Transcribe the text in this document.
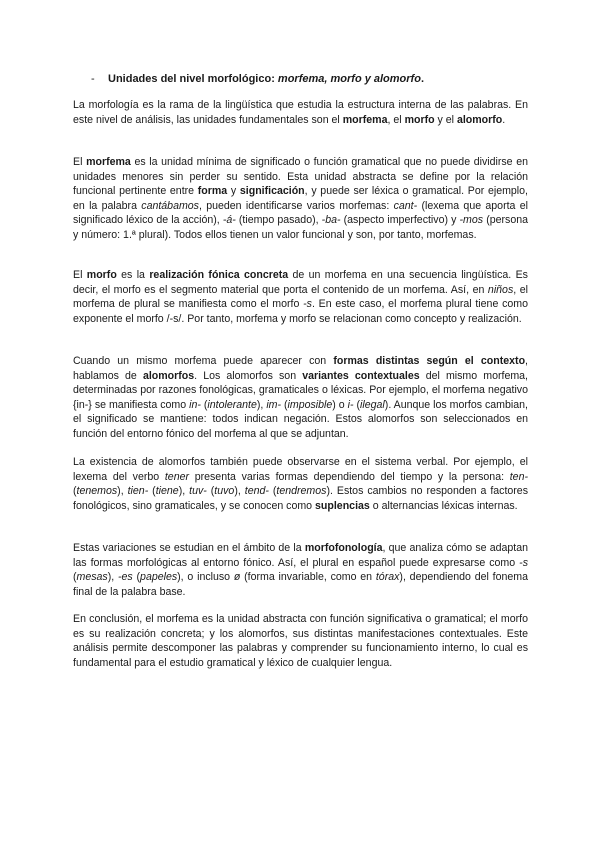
- Unidades del nivel morfológico: morfema, morfo y alomorfo.

La morfología es la rama de la lingüística que estudia la estructura interna de las palabras. En este nivel de análisis, las unidades fundamentales son el morfema, el morfo y el alomorfo.

El morfema es la unidad mínima de significado o función gramatical que no puede dividirse en unidades menores sin perder su sentido. Esta unidad abstracta se define por la relación funcional pertinente entre forma y significación, y puede ser léxica o gramatical. Por ejemplo, en la palabra cantábamos, pueden identificarse varios morfemas: cant- (lexema que aporta el significado léxico de la acción), -á- (tiempo pasado), -ba- (aspecto imperfectivo) y -mos (persona y número: 1.ª plural). Todos ellos tienen un valor funcional y son, por tanto, morfemas.

El morfo es la realización fónica concreta de un morfema en una secuencia lingüística. Es decir, el morfo es el segmento material que porta el contenido de un morfema. Así, en niños, el morfema de plural se manifiesta como el morfo -s. En este caso, el morfema plural tiene como exponente el morfo /-s/. Por tanto, morfema y morfo se relacionan como concepto y realización.

Cuando un mismo morfema puede aparecer con formas distintas según el contexto, hablamos de alomorfos. Los alomorfos son variantes contextuales del mismo morfema, determinadas por razones fonológicas, gramaticales o léxicas. Por ejemplo, el morfema negativo {in-} se manifiesta como in- (intolerante), im- (imposible) o i- (ilegal). Aunque los morfos cambian, el significado se mantiene: todos indican negación. Estos alomorfos son seleccionados en función del entorno fónico del morfema al que se adjuntan.

La existencia de alomorfos también puede observarse en el sistema verbal. Por ejemplo, el lexema del verbo tener presenta varias formas dependiendo del tiempo y la persona: ten- (tenemos), tien- (tiene), tuv- (tuvo), tend- (tendremos). Estos cambios no responden a factores fonológicos, sino gramaticales, y se conocen como suplencias o alternancias léxicas internas.

Estas variaciones se estudian en el ámbito de la morfofonología, que analiza cómo se adaptan las formas morfológicas al entorno fónico. Así, el plural en español puede expresarse como -s (mesas), -es (papeles), o incluso ø (forma invariable, como en tórax), dependiendo del fonema final de la palabra base.

En conclusión, el morfema es la unidad abstracta con función significativa o gramatical; el morfo es su realización concreta; y los alomorfos, sus distintas manifestaciones contextuales. Este análisis permite descomponer las palabras y comprender su funcionamiento interno, lo cual es fundamental para el estudio gramatical y léxico de cualquier lengua.
